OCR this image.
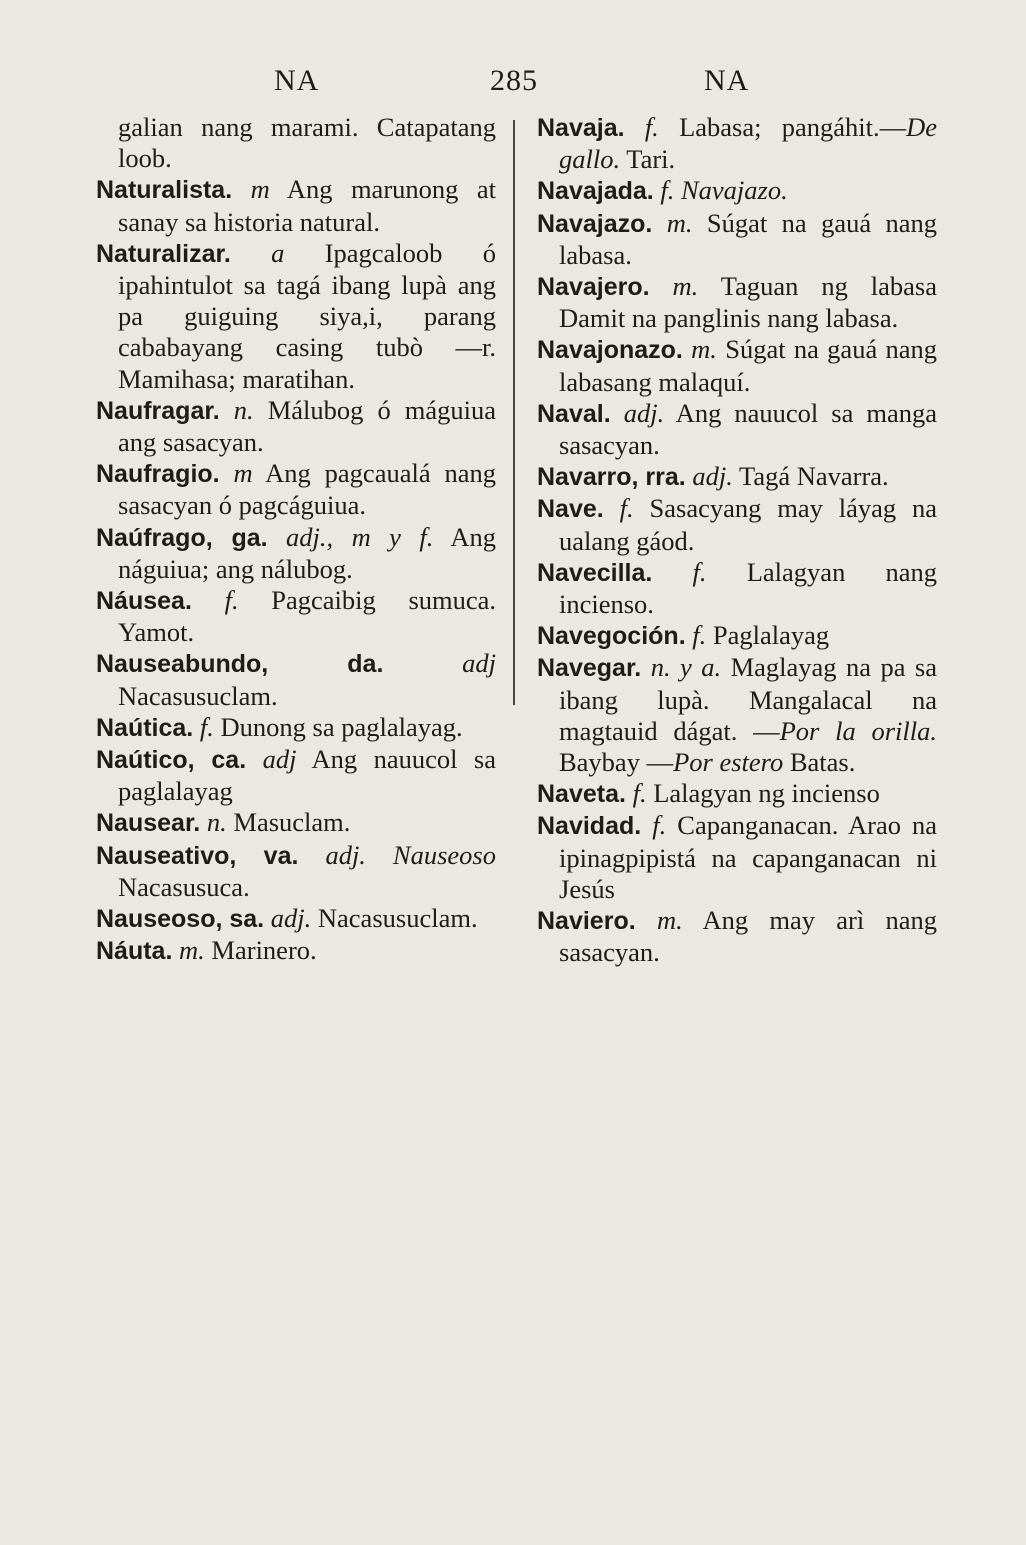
NA	285	NA

galian nang marami. Catapatang loob.

Naturalista. m Ang marunong at sanay sa historia natural.

Naturalizar. a Ipagcaloob ó ipahintulot sa tagá ibang lupà ang pa guiguing siya,i, parang cababayang casing tubò —r. Mamihasa; maratihan.

Naufragar. n. Málubog ó máguiua ang sasacyan.

Naufragio. m Ang pagcaualá nang sasacyan ó pagcáguiua.

Naúfrago, ga. adj., m y f. Ang náguiua; ang nálubog.

Náusea. f. Pagcaibig sumuca. Yamot.

Nauseabundo, da.	adj Nacasusuclam.

Naútica. f. Dunong sa paglalayag.

Naútico, ca. adj Ang nauucol sa paglalayag

Nausear. n. Masuclam.

Nauseativo, va. adj. Nauseoso Nacasusuca.

Nauseoso, sa. adj. Nacasusuclam.

Náuta. m. Marinero.

Navaja. f. Labasa; pangáhit.—De gallo. Tari.

Navajada. f. Navajazo.

Navajazo. m. Súgat na gauá nang labasa.

Navajero. m. Taguan ng labasa Damit na panglinis nang labasa.

Navajonazo. m. Súgat na gauá nang labasang malaquí.

Naval. adj. Ang nauucol sa manga sasacyan.

Navarro, rra. adj. Tagá Navarra.

Nave. f. Sasacyang may láyag na ualang gáod.

Navecilla. f. Lalagyan nang incienso.

Navegoción. f. Paglalayag

Navegar. n. y a. Maglayag na pa sa ibang lupà. Mangalacal na magtauid dágat. —Por la orilla. Baybay —Por estero Batas.

Naveta. f. Lalagyan ng incienso

Navidad. f. Capanganacan. Arao na ipinagpipistá na capanganacan ni Jesús

Naviero. m. Ang may arì nang sasacyan.
